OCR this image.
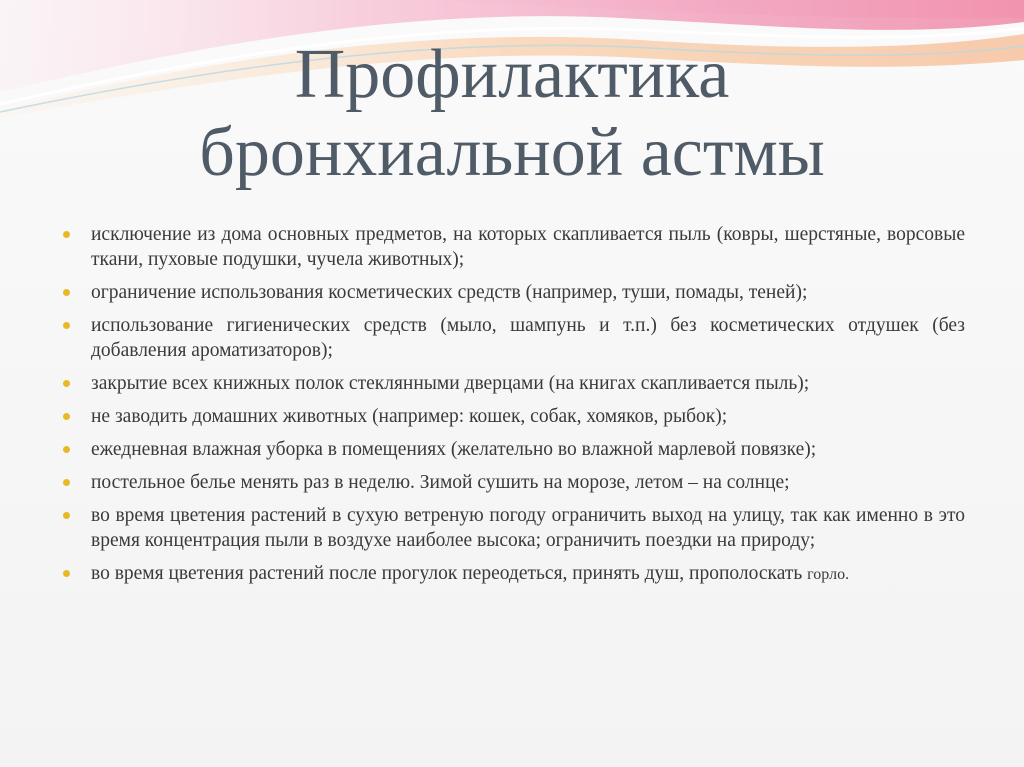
Профилактика
бронхиальной астмы
исключение из дома основных предметов, на которых скапливается пыль (ковры, шерстяные, ворсовые ткани, пуховые подушки, чучела животных);
ограничение использования косметических средств (например, туши, помады, теней);
использование гигиенических средств (мыло, шампунь и т.п.) без косметических отдушек (без добавления ароматизаторов);
закрытие всех книжных полок стеклянными дверцами (на книгах скапливается пыль);
не заводить домашних животных (например: кошек, собак, хомяков, рыбок);
ежедневная влажная уборка в помещениях (желательно во влажной марлевой повязке);
постельное белье менять раз в неделю. Зимой сушить на морозе, летом – на солнце;
во время цветения растений в сухую ветреную погоду ограничить выход на улицу, так как именно в это время концентрация пыли в воздухе наиболее высока; ограничить поездки на природу;
во время цветения растений после прогулок переодеться, принять душ, прополоскать горло.
